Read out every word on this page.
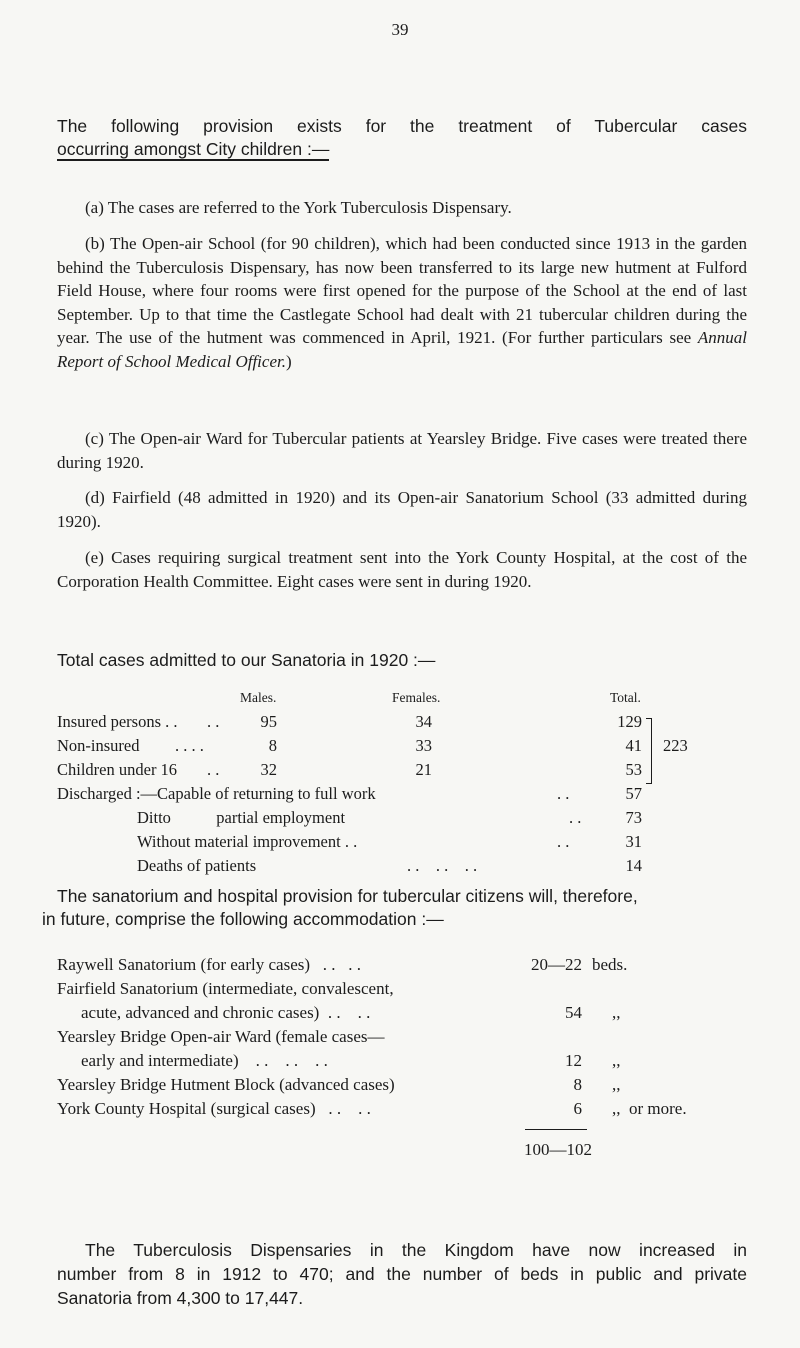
39
The following provision exists for the treatment of Tubercular cases
occurring amongst City children :—

(a) The cases are referred to the York Tuberculosis Dispensary.

(b) The Open-air School (for 90 children), which had been conducted since 1913 in the garden behind the Tuberculosis Dispensary, has now been transferred to its large new hutment at Fulford Field House, where four rooms were first opened for the purpose of the School at the end of last September. Up to that time the Castlegate School had dealt with 21 tubercular children during the year. The use of the hutment was commenced in April, 1921. (For further particulars see Annual Report of School Medical Officer.)

(c) The Open-air Ward for Tubercular patients at Yearsley Bridge. Five cases were treated there during 1920.

(d) Fairfield (48 admitted in 1920) and its Open-air Sanatorium School (33 admitted during 1920).

(e) Cases requiring surgical treatment sent into the York County Hospital, at the cost of the Corporation Health Committee. Eight cases were sent in during 1920.

Total cases admitted to our Sanatoria in 1920 :—
Males.	Females.	Total.
Insured persons . . . .	95	34	129
Non-insured . . . .	8	33	41
Children under 16 . .	32	21	53
223
Discharged :—Capable of returning to full work	. .	57
Ditto           partial employment	. .	73
Without material improvement . .	. .	31
Deaths of patients	. .    . .    . .	14
The sanatorium and hospital provision for tubercular citizens will, therefore,
in future, comprise the following accommodation :—
Raywell Sanatorium (for early cases)   . .   . .	20—22 beds.
Fairfield Sanatorium (intermediate, convalescent,
acute, advanced and chronic cases)  . .    . .	54 ,,
Yearsley Bridge Open-air Ward (female cases—
early and intermediate)    . .    . .    . .	12 ,,
Yearsley Bridge Hutment Block (advanced cases)	8 ,,
York County Hospital (surgical cases)   . .    . .	6 ,,  or more.
100—102
The Tuberculosis Dispensaries in the Kingdom have now increased in
number from 8 in 1912 to 470; and the number of beds in public and private
Sanatoria from 4,300 to 17,447.
